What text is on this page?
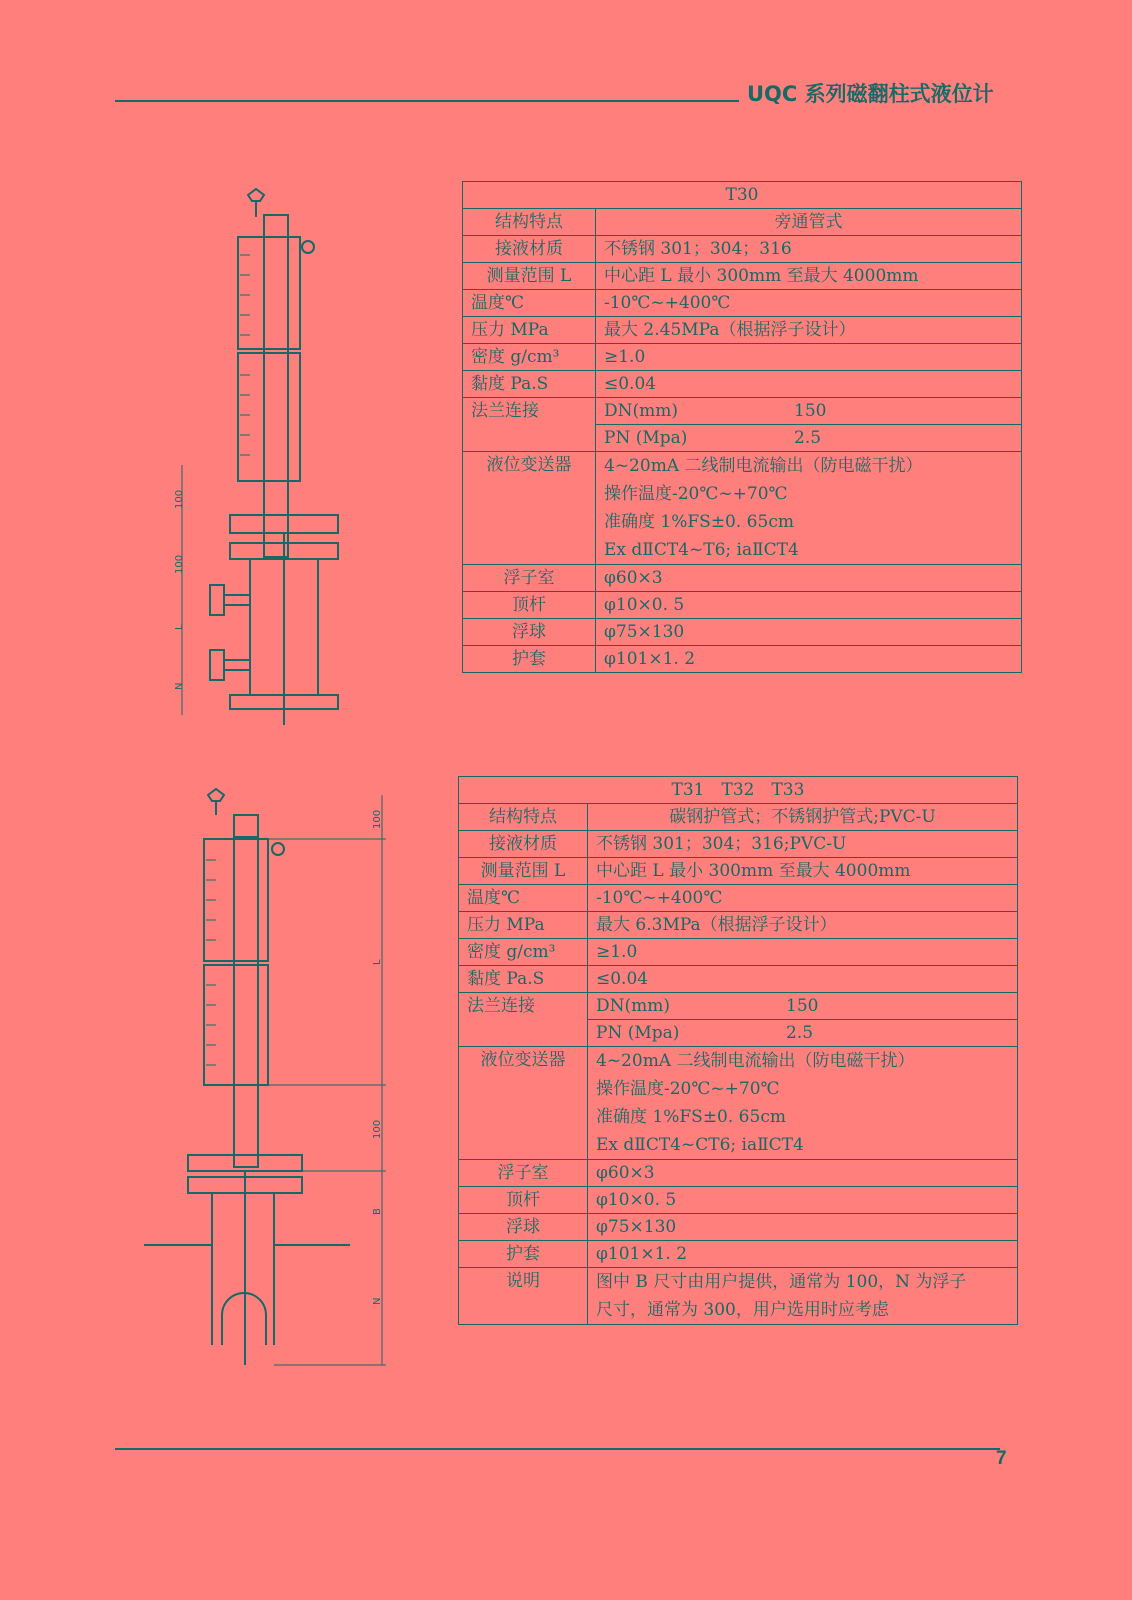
UQC 系列磁翻柱式液位计
T30	
结构特点	旁通管式
接液材质	不锈钢 301；304；316
测量范围 L	中心距 L 最小 300mm 至最大 4000mm
温度℃	-10℃~+400℃
压力 MPa	最大 2.45MPa（根据浮子设计）
密度 g/cm³	≥1.0
黏度 Pa.S	≤0.04
法兰连接	DN(mm) 150

	PN (Mpa) 2.5

液位变送器	4~20mA 二线制电流输出（防电磁干扰）
操作温度-20℃~+70℃
准确度 1%FS±0. 65cm
Ex dⅡCT4~T6; iaⅡCT4

浮子室	φ60×3
顶杆	φ10×0. 5
浮球	φ75×130
护套	φ101×1. 2
T31　T32　T33	
结构特点	碳钢护管式；不锈钢护管式;PVC-U
接液材质	不锈钢 301；304；316;PVC-U
测量范围 L	中心距 L 最小 300mm 至最大 4000mm
温度℃	-10℃~+400℃
压力 MPa	最大 6.3MPa（根据浮子设计）
密度 g/cm³	≥1.0
黏度 Pa.S	≤0.04
法兰连接	DN(mm) 150

	PN (Mpa) 2.5

液位变送器	4~20mA 二线制电流输出（防电磁干扰）
操作温度-20℃~+70℃
准确度 1%FS±0. 65cm
Ex dⅡCT4~CT6; iaⅡCT4

浮子室	φ60×3
顶杆	φ10×0. 5
浮球	φ75×130
护套	φ101×1. 2
说明	图中 B 尺寸由用户提供，通常为 100，N 为浮子
尺寸，通常为 300，用户选用时应考虑
100
100
L
N
100
L
100
B
N
7
